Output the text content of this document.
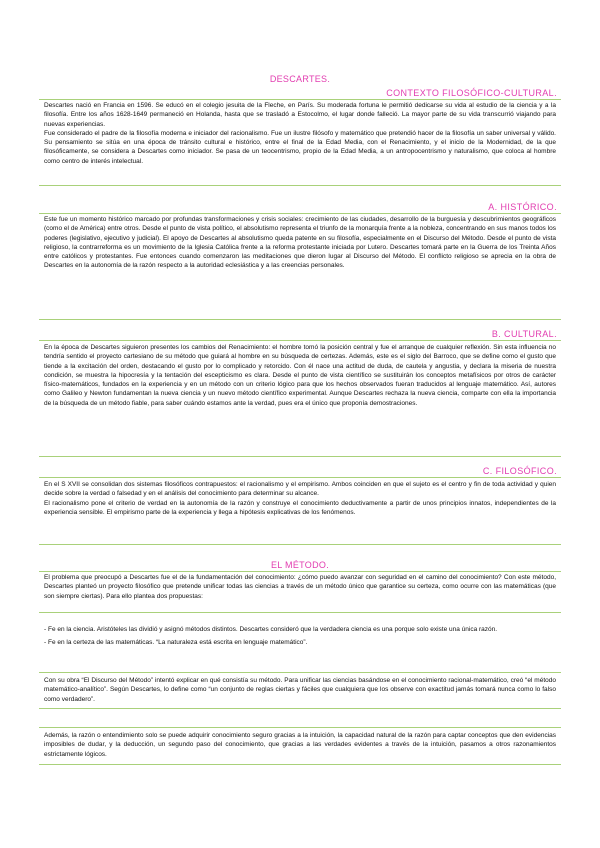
DESCARTES.
CONTEXTO FILOSÓFICO-CULTURAL.

Descartes nació en Francia en 1596. Se educó en el colegio jesuita de la Fleche, en París. Su moderada fortuna le permitió dedicarse su vida al estudio de la ciencia y a la filosofía. Entre los años 1628-1649 permaneció en Holanda, hasta que se trasladó a Estocolmo, el lugar donde falleció. La mayor parte de su vida transcurrió viajando para nuevas experiencias.

Fue considerado el padre de la filosofía moderna e iniciador del racionalismo. Fue un ilustre filósofo y matemático que pretendió hacer de la filosofía un saber universal y válido. Su pensamiento se sitúa en una época de tránsito cultural e histórico, entre el final de la Edad Media, con el Renacimiento, y el inicio de la Modernidad, de la que filosóficamente, se considera a Descartes como iniciador. Se pasa de un teocentrismo, propio de la Edad Media, a un antropocentrismo y naturalismo, que coloca al hombre como centro de interés intelectual.

A. HISTÓRICO.

Este fue un momento histórico marcado por profundas transformaciones y crisis sociales: crecimiento de las ciudades, desarrollo de la burguesía y descubrimientos geográficos (como el de América) entre otros. Desde el punto de vista político, el absolutismo representa el triunfo de la monarquía frente a la nobleza, concentrando en sus manos todos los poderes (legislativo, ejecutivo y judicial). El apoyo de Descartes al absolutismo queda patente en su filosofía, especialmente en el Discurso del Método. Desde el punto de vista religioso, la contrarreforma es un movimiento de la Iglesia Católica frente a la reforma protestante iniciada por Lutero. Descartes tomará parte en la Guerra de los Treinta Años entre católicos y protestantes. Fue entonces cuando comenzaron las meditaciones que dieron lugar al Discurso del Método. El conflicto religioso se aprecia en la obra de Descartes en la autonomía de la razón respecto a la autoridad eclesiástica y a las creencias personales.

B. CULTURAL.

En la época de Descartes siguieron presentes los cambios del Renacimiento: el hombre tomó la posición central y fue el arranque de cualquier reflexión. Sin esta influencia no tendría sentido el proyecto cartesiano de su método que guiará al hombre en su búsqueda de certezas. Además, este es el siglo del Barroco, que se define como el gusto que tiende a la excitación del orden, destacando el gusto por lo complicado y retorcido. Con él nace una actitud de duda, de cautela y angustia, y declara la miseria de nuestra condición, se muestra la hipocresía y la tentación del escepticismo es clara. Desde el punto de vista científico se sustituirán los conceptos metafísicos por otros de carácter físico-matemáticos, fundados en la experiencia y en un método con un criterio lógico para que los hechos observados fueran traducidos al lenguaje matemático. Así, autores como Galileo y Newton fundamentan la nueva ciencia y un nuevo método científico experimental. Aunque Descartes rechaza la nueva ciencia, comparte con ella la importancia de la búsqueda de un método fiable, para saber cuándo estamos ante la verdad, pues era el único que proponía demostraciones.

C. FILOSÓFICO.

En el S XVII se consolidan dos sistemas filosóficos contrapuestos: el racionalismo y el empirismo. Ambos coinciden en que el sujeto es el centro y fin de toda actividad y quien decide sobre la verdad o falsedad y en el análisis del conocimiento para determinar su alcance.

El racionalismo pone el criterio de verdad en la autonomía de la razón y construye el conocimiento deductivamente a partir de unos principios innatos, independientes de la experiencia sensible. El empirismo parte de la experiencia y llega a hipótesis explicativas de los fenómenos.

EL MÉTODO.

El problema que preocupó a Descartes fue el de la fundamentación del conocimiento: ¿cómo puedo avanzar con seguridad en el camino del conocimiento? Con este método, Descartes planteó un proyecto filosófico que pretende unificar todas las ciencias a través de un método único que garantice su certeza, como ocurre con las matemáticas (que son siempre ciertas). Para ello plantea dos propuestas:

- Fe en la ciencia. Aristóteles las dividió y asignó métodos distintos. Descartes consideró que la verdadera ciencia es una porque solo existe una única razón.

- Fe en la certeza de las matemáticas. “La naturaleza está escrita en lenguaje matemático”.

Con su obra “El Discurso del Método” intentó explicar en qué consistía su método. Para unificar las ciencias basándose en el conocimiento racional-matemático, creó “el método matemático-analítico”. Según Descartes, lo define como “un conjunto de reglas ciertas y fáciles que cualquiera que los observe con exactitud jamás tomará nunca como lo falso como verdadero”.

Además, la razón o entendimiento solo se puede adquirir conocimiento seguro gracias a la intuición, la capacidad natural de la razón para captar conceptos que den evidencias imposibles de dudar, y la deducción, un segundo paso del conocimiento, que gracias a las verdades evidentes a través de la intuición, pasamos a otros razonamientos estrictamente lógicos.
